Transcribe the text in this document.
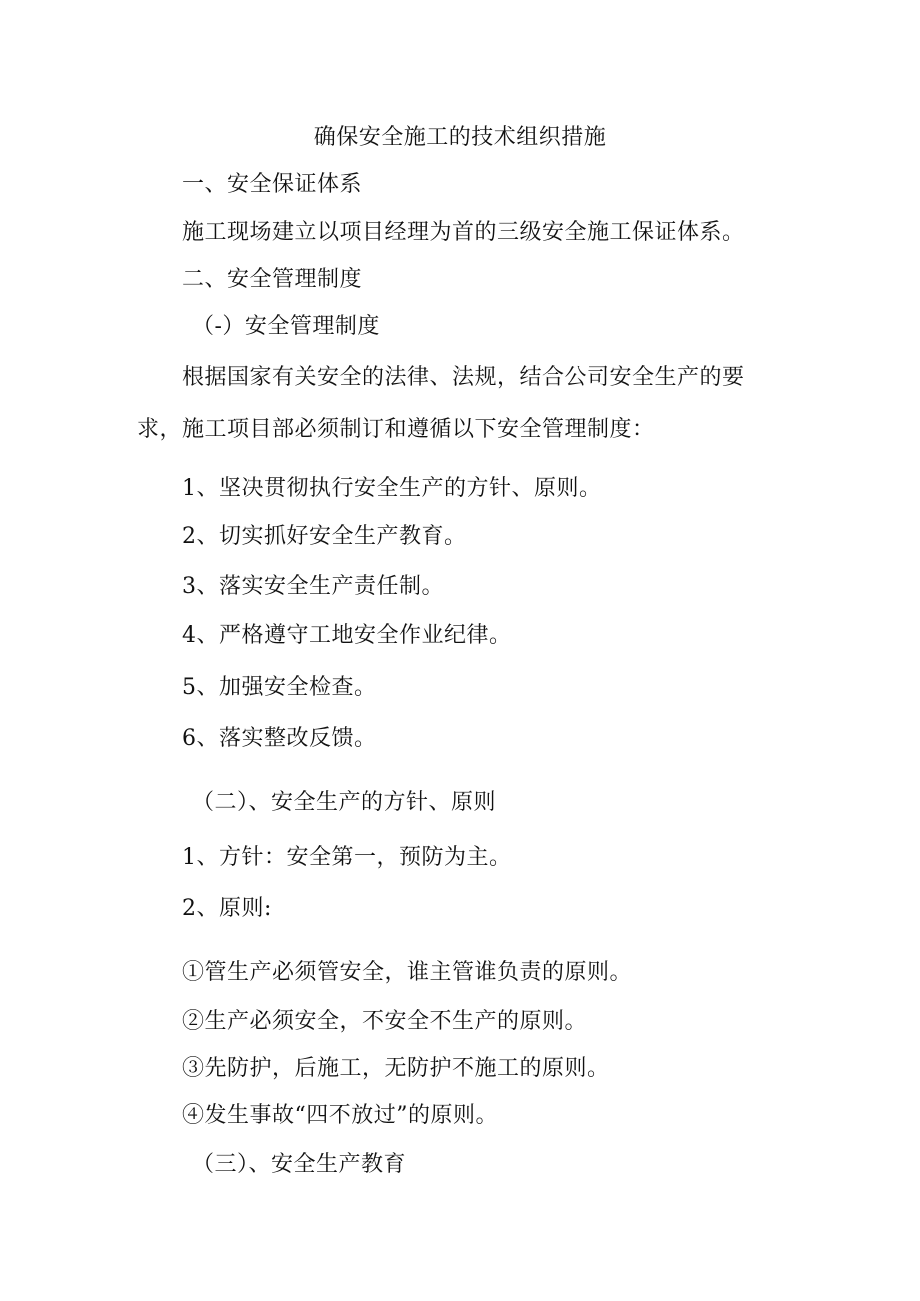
确保安全施工的技术组织措施
一、安全保证体系
施工现场建立以项目经理为首的三级安全施工保证体系。
二、安全管理制度
（-）安全管理制度
根据国家有关安全的法律、法规，结合公司安全生产的要
求，施工项目部必须制订和遵循以下安全管理制度：
1、坚决贯彻执行安全生产的方针、原则。
2、切实抓好安全生产教育。
3、落实安全生产责任制。
4、严格遵守工地安全作业纪律。
5、加强安全检查。
6、落实整改反馈。
（二）、安全生产的方针、原则
1、方针：安全第一，预防为主。
2、原则:
①管生产必须管安全，谁主管谁负责的原则。
②生产必须安全，不安全不生产的原则。
③先防护，后施工，无防护不施工的原则。
④发生事故“四不放过”的原则。
（三）、安全生产教育
